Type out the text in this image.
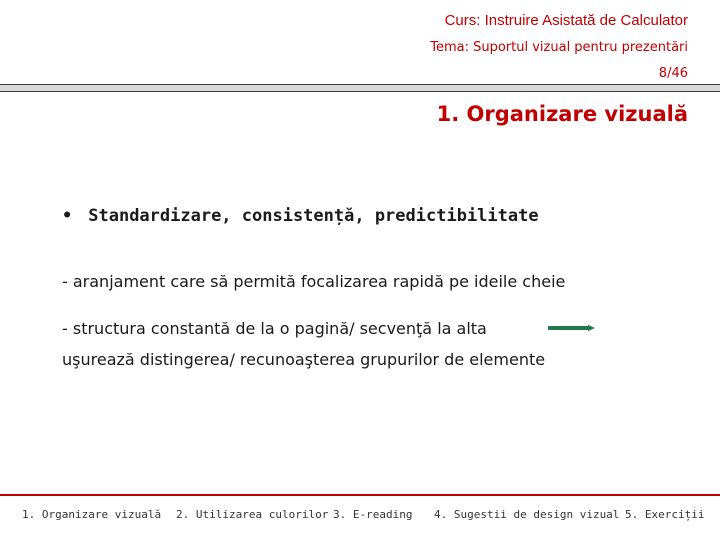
Curs: Instruire Asistată de Calculator
Tema: Suportul vizual pentru prezentări
8/46
1. Organizare vizuală
• Standardizare, consistență, predictibilitate
- aranjament care să permită focalizarea rapidă pe ideile cheie
- structura constantă de la o pagină/ secvenţă la alta
uşurează distingerea/ recunoaşterea grupurilor de elemente
1. Organizare vizuală 2. Utilizarea culorilor 3. E-reading 4. Sugestii de design vizual 5. Exerciții
